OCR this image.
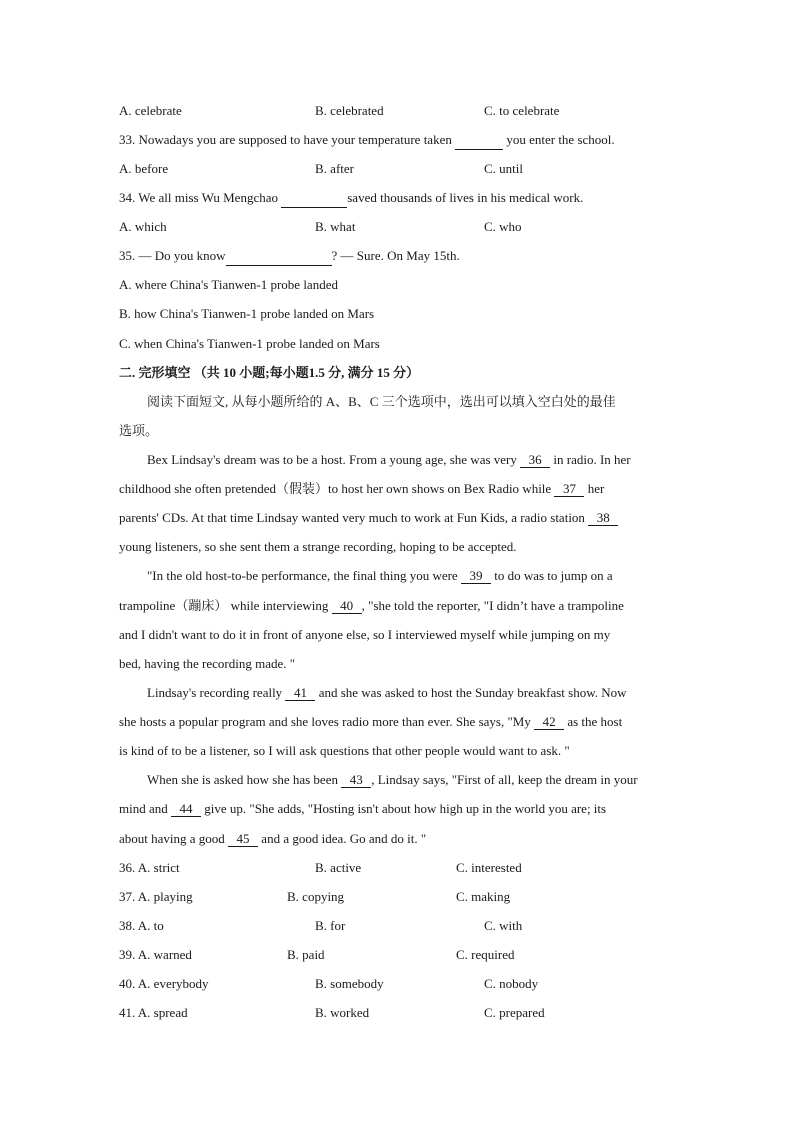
A. celebrate	B. celebrated	C. to celebrate
33. Nowadays you are supposed to have your temperature taken	you enter the school.
A. before	B. after	C. until
34. We all miss Wu Mengchao	saved thousands of lives in his medical work.
A. which	B. what	C. who
35. — Do you know	? — Sure. On May 15th.
A. where China's Tianwen-1 probe landed
B. how China's Tianwen-1 probe landed on Mars
C. when China's Tianwen-1 probe landed on Mars
二. 完形填空 （共 10 小题;每小题1.5 分, 满分 15 分）
阅读下面短文, 从每小题所给的 A、B、C 三个选项中，选出可以填入空白处的最佳
选项。
Bex Lindsay's dream was to be a host. From a young age, she was very 36 in radio. In her
childhood she often pretended（假装）to host her own shows on Bex Radio while 37 her
parents' CDs. At that time Lindsay wanted very much to work at Fun Kids, a radio station 38
young listeners, so she sent them a strange recording, hoping to be accepted.
"In the old host-to-be performance, the final thing you were 39 to do was to jump on a
trampoline（蹦床） while interviewing 40 , "she told the reporter, "I didn’t have a trampoline
and I didn't want to do it in front of anyone else, so I interviewed myself while jumping on my
bed, having the recording made. "
Lindsay's recording really 41 and she was asked to host the Sunday breakfast show. Now
she hosts a popular program and she loves radio more than ever. She says, "My 42 as the host
is kind of to be a listener, so I will ask questions that other people would want to ask. "
When she is asked how she has been 43 , Lindsay says, "First of all, keep the dream in your
mind and 44 give up. "She adds, "Hosting isn't about how high up in the world you are; its
about having a good 45 and a good idea. Go and do it. "
36. A. strict	B. active	C. interested
37. A. playing	B. copying	C. making
38. A. to	B. for	C. with
39. A. warned	B. paid	C. required
40. A. everybody	B. somebody	C. nobody
41. A. spread	B. worked	C. prepared
